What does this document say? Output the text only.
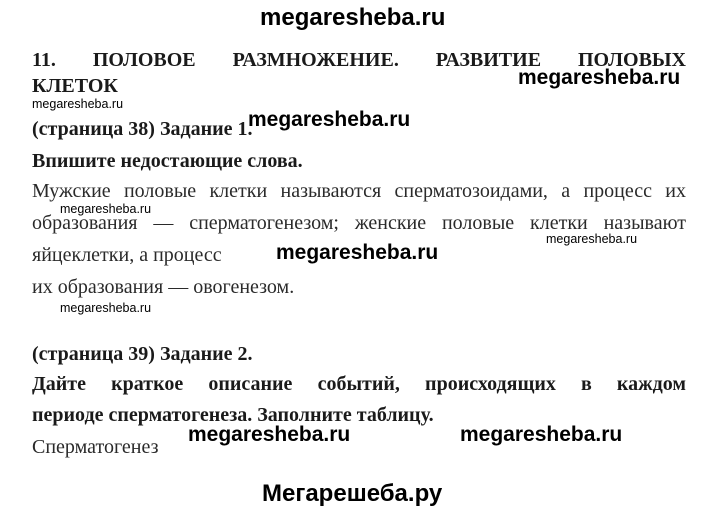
megaresheba.ru
megaresheba.ru
megaresheba.ru
megaresheba.ru
megaresheba.ru
megaresheba.ru
megaresheba.ru
megaresheba.ru
megaresheba.ru	megaresheba.ru
Мегарешеба.ру
11. ПОЛОВОЕ РАЗМНОЖЕНИЕ. РАЗВИТИЕ ПОЛОВЫХ
КЛЕТОК
(страница 38) Задание 1.
Впишите недостающие слова.
Мужские половые клетки называются сперматозоидами, а процесс их
образования — сперматогенезом; женские половые клетки называют
яйцеклетки, а процесс
их образования — овогенезом.
(страница 39) Задание 2.
Дайте краткое описание событий, происходящих в каждом
периоде сперматогенеза. Заполните таблицу.
Сперматогенез
